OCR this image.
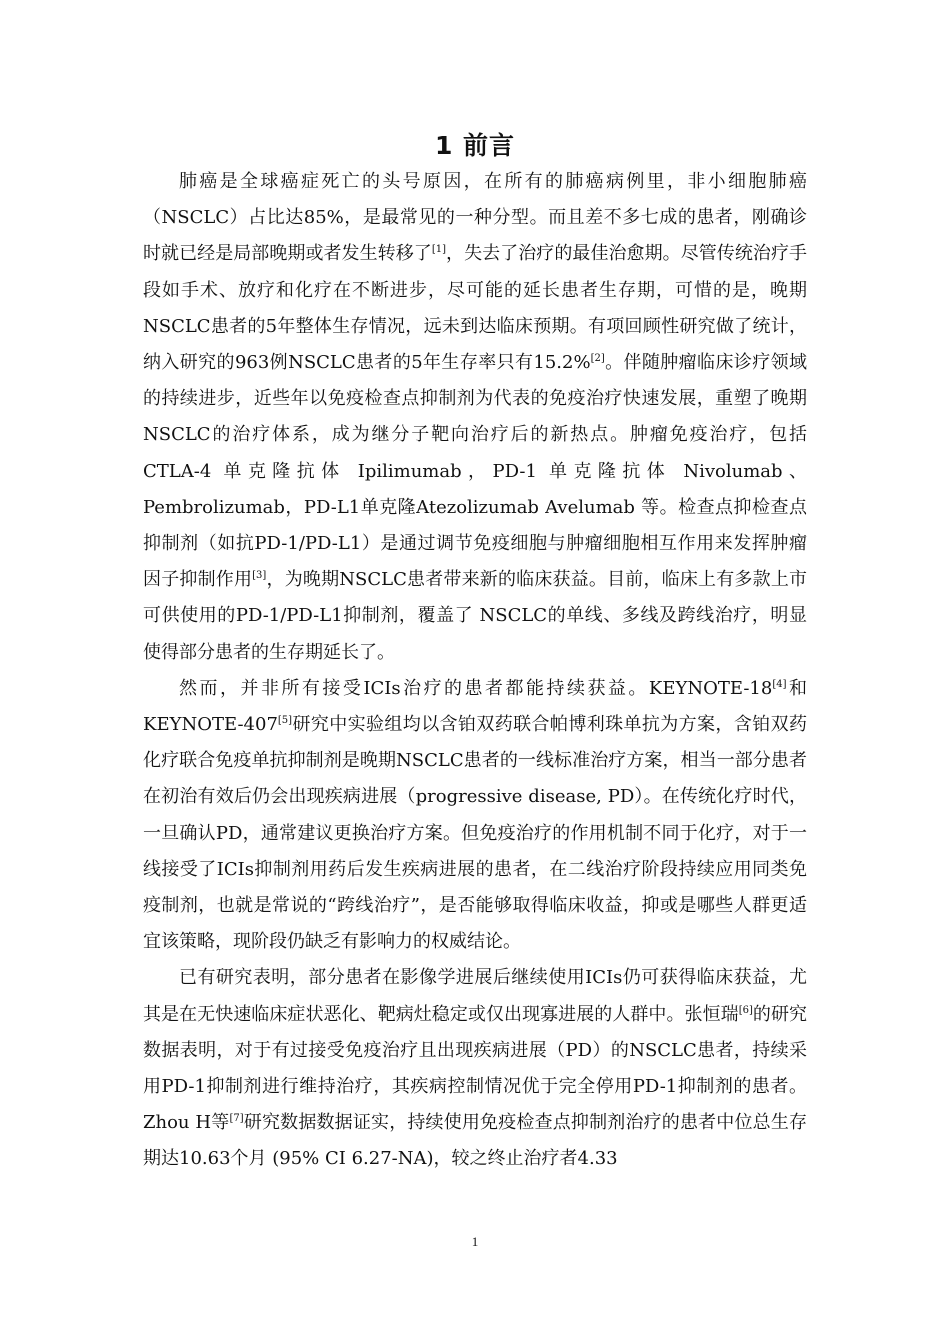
1 前言

肺癌是全球癌症死亡的头号原因，在所有的肺癌病例里，非小细胞肺癌（NSCLC）占比达85%，是最常见的一种分型。而且差不多七成的患者，刚确诊时就已经是局部晚期或者发生转移了[1]，失去了治疗的最佳治愈期。尽管传统治疗手段如手术、放疗和化疗在不断进步，尽可能的延长患者生存期，可惜的是，晚期NSCLC患者的5年整体生存情况，远未到达临床预期。有项回顾性研究做了统计，纳入研究的963例NSCLC患者的5年生存率只有15.2%[2]。伴随肿瘤临床诊疗领域的持续进步，近些年以免疫检查点抑制剂为代表的免疫治疗快速发展，重塑了晚期NSCLC的治疗体系，成为继分子靶向治疗后的新热点。肿瘤免疫治疗，包括 CTLA-4 单克隆抗体 Ipilimumab，PD-1 单克隆抗体 Nivolumab、Pembrolizumab，PD-L1单克隆Atezolizumab Avelumab 等。检查点抑检查点抑制剂（如抗PD-1/PD-L1）是通过调节免疫细胞与肿瘤细胞相互作用来发挥肿瘤因子抑制作用[3]，为晚期NSCLC患者带来新的临床获益。目前，临床上有多款上市可供使用的PD-1/PD-L1抑制剂，覆盖了 NSCLC的单线、多线及跨线治疗，明显使得部分患者的生存期延长了。

然而，并非所有接受ICIs治疗的患者都能持续获益。KEYNOTE-18[4]和KEYNOTE-407[5]研究中实验组均以含铂双药联合帕博利珠单抗为方案，含铂双药化疗联合免疫单抗抑制剂是晚期NSCLC患者的一线标准治疗方案，相当一部分患者在初治有效后仍会出现疾病进展（progressive disease, PD）。在传统化疗时代，一旦确认PD，通常建议更换治疗方案。但免疫治疗的作用机制不同于化疗，对于一线接受了ICIs抑制剂用药后发生疾病进展的患者，在二线治疗阶段持续应用同类免疫制剂，也就是常说的“跨线治疗”，是否能够取得临床收益，抑或是哪些人群更适宜该策略，现阶段仍缺乏有影响力的权威结论。

已有研究表明，部分患者在影像学进展后继续使用ICIs仍可获得临床获益，尤其是在无快速临床症状恶化、靶病灶稳定或仅出现寡进展的人群中。张恒瑞[6]的研究数据表明，对于有过接受免疫治疗且出现疾病进展（PD）的NSCLC患者，持续采用PD-1抑制剂进行维持治疗，其疾病控制情况优于完全停用PD-1抑制剂的患者。Zhou H等[7]研究数据数据证实，持续使用免疫检查点抑制剂治疗的患者中位总生存期达10.63个月 (95% CI 6.27-NA)，较之终止治疗者4.33

1
